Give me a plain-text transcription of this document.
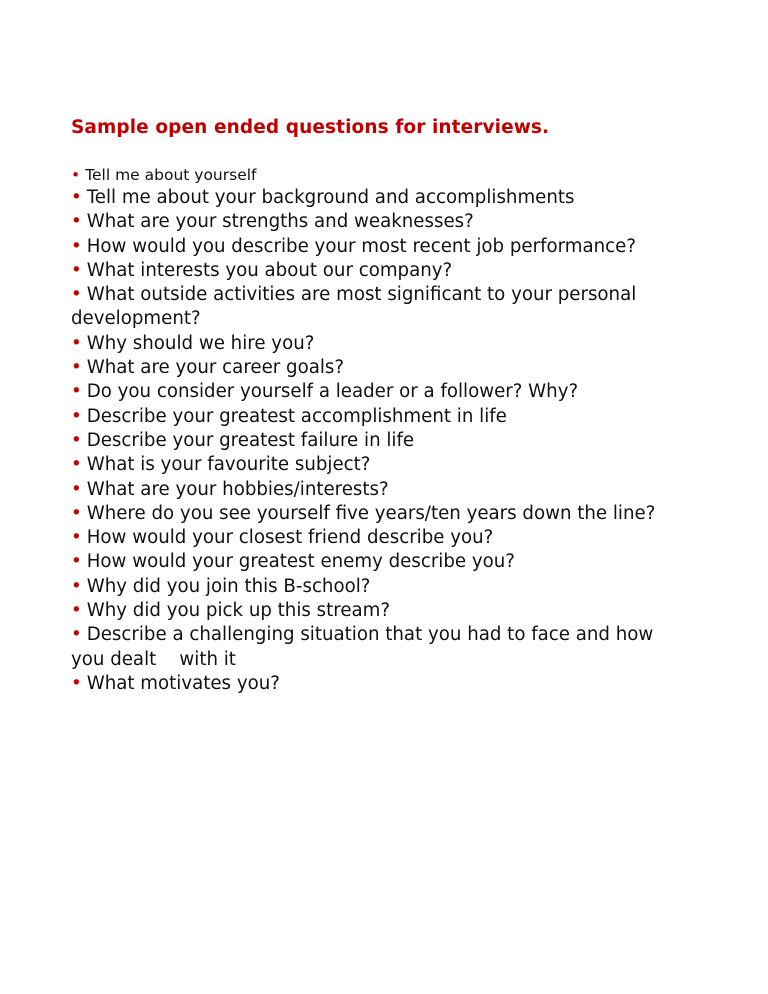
Sample open ended questions for interviews.
• Tell me about yourself
• Tell me about your background and accomplishments
• What are your strengths and weaknesses?
• How would you describe your most recent job performance?
• What interests you about our company?
• What outside activities are most significant to your personal development?
• Why should we hire you?
• What are your career goals?
• Do you consider yourself a leader or a follower? Why?
• Describe your greatest accomplishment in life
• Describe your greatest failure in life
• What is your favourite subject?
• What are your hobbies/interests?
• Where do you see yourself five years/ten years down the line?
• How would your closest friend describe you?
• How would your greatest enemy describe you?
• Why did you join this B-school?
• Why did you pick up this stream?
• Describe a challenging situation that you had to face and how you dealt    with it
• What motivates you?
